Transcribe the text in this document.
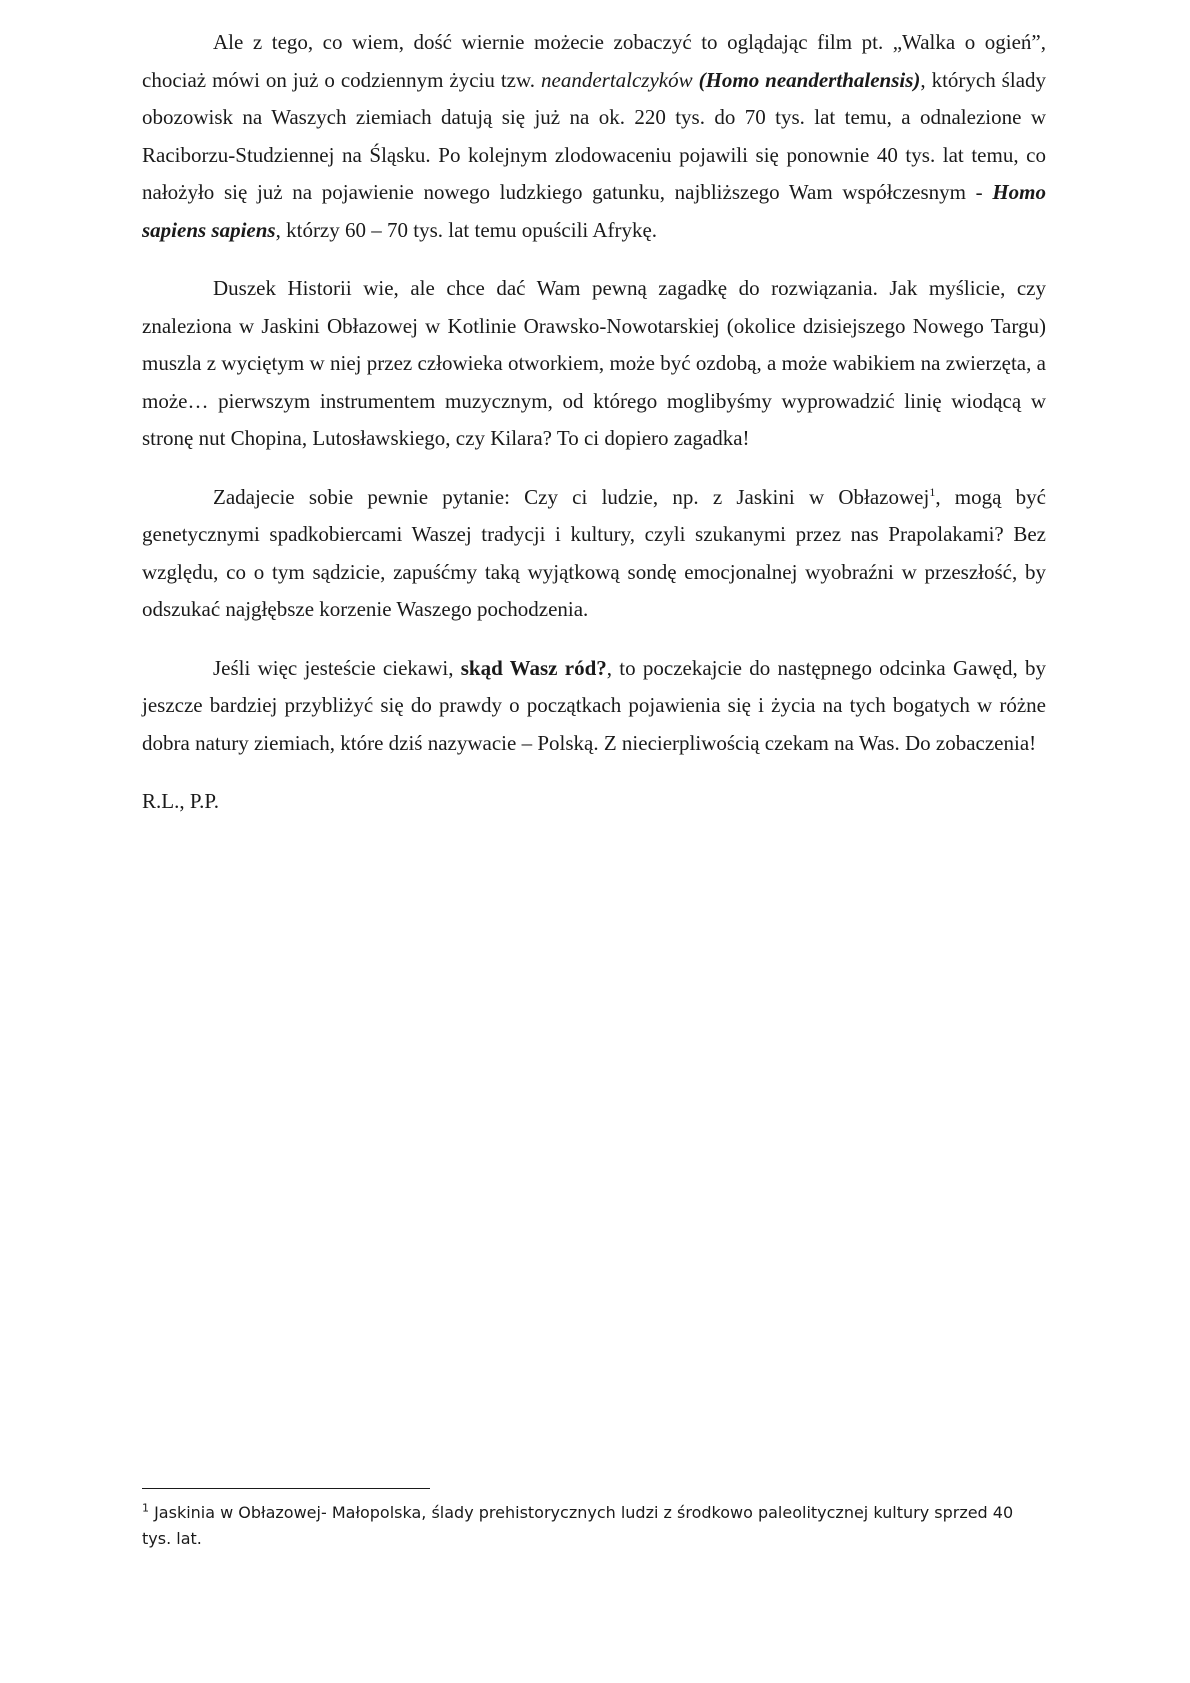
Ale z tego, co wiem, dość wiernie możecie zobaczyć to oglądając film pt. „Walka o ogień”, chociaż mówi on już o codziennym życiu tzw. neandertalczyków (Homo neanderthalensis), których ślady obozowisk na Waszych ziemiach datują się już na ok. 220 tys. do 70 tys. lat temu, a odnalezione w Raciborzu-Studziennej na Śląsku. Po kolejnym zlodowaceniu pojawili się ponownie 40 tys. lat temu, co nałożyło się już na pojawienie nowego ludzkiego gatunku, najbliższego Wam współczesnym - Homo sapiens sapiens, którzy 60 – 70 tys. lat temu opuścili Afrykę.

Duszek Historii wie, ale chce dać Wam pewną zagadkę do rozwiązania. Jak myślicie, czy znaleziona w Jaskini Obłazowej w Kotlinie Orawsko-Nowotarskiej (okolice dzisiejszego Nowego Targu) muszla z wyciętym w niej przez człowieka otworkiem, może być ozdobą, a może wabikiem na zwierzęta, a może… pierwszym instrumentem muzycznym, od którego moglibyśmy wyprowadzić linię wiodącą w stronę nut Chopina, Lutosławskiego, czy Kilara? To ci dopiero zagadka!

Zadajecie sobie pewnie pytanie: Czy ci ludzie, np. z Jaskini w Obłazowej$^1$, mogą być genetycznymi spadkobiercami Waszej tradycji i kultury, czyli szukanymi przez nas Prapolakami? Bez względu, co o tym sądzicie, zapuśćmy taką wyjątkową sondę emocjonalnej wyobraźni w przeszłość, by odszukać najgłębsze korzenie Waszego pochodzenia.

Jeśli więc jesteście ciekawi, skąd Wasz ród?, to poczekajcie do następnego odcinka Gawęd, by jeszcze bardziej przybliżyć się do prawdy o początkach pojawienia się i życia na tych bogatych w różne dobra natury ziemiach, które dziś nazywacie – Polską. Z niecierpliwością czekam na Was. Do zobaczenia!

R.L., P.P.

$^1$ Jaskinia w Obłazowej- Małopolska, ślady prehistorycznych ludzi z środkowo paleolitycznej kultury sprzed 40 tys. lat.
